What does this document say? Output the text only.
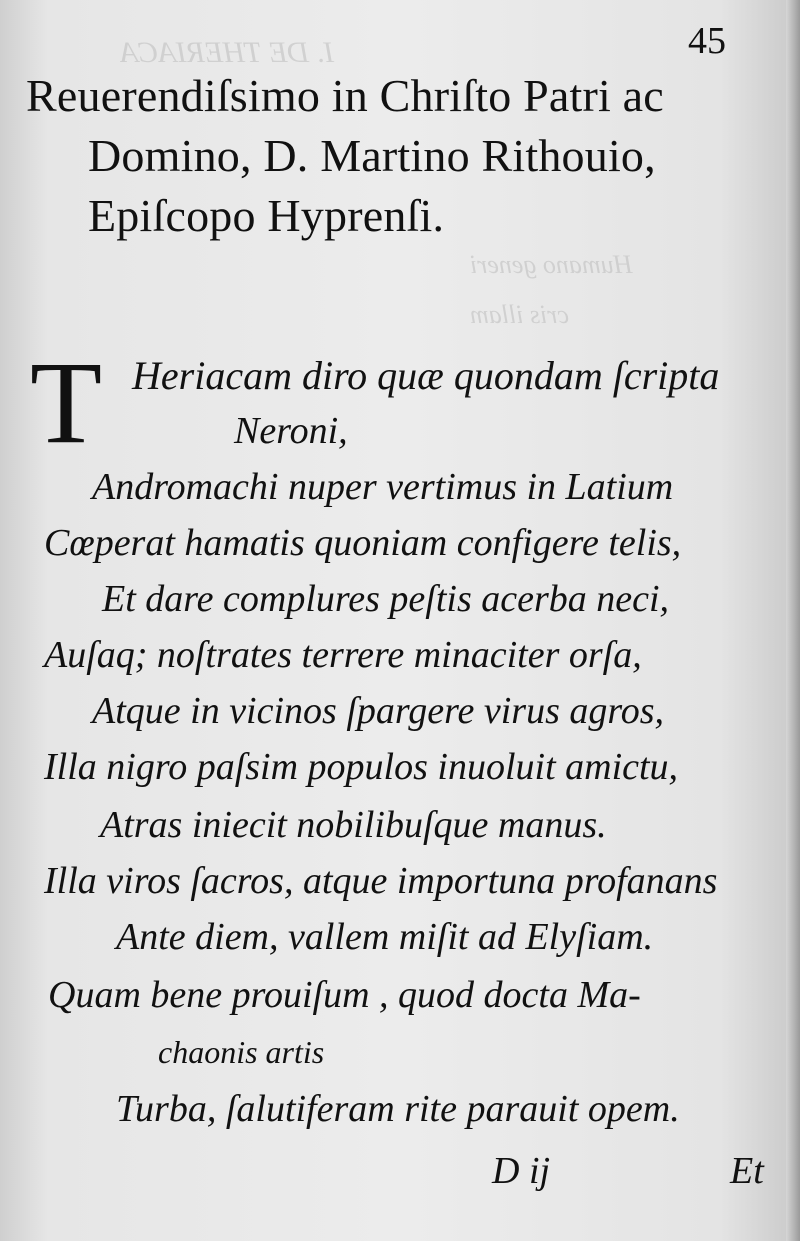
I. DE THERIACA
Humano generi
cris illam
45
Reuerendiſsimo in Chriſto Patri ac
Domino, D. Martino Rithouio,
Epiſcopo Hyprenſi.
T Heriacam diro quæ quondam ſcripta
Neroni,
Andromachi nuper vertimus in Latium
Cœperat hamatis quoniam configere telis,
Et dare complures peſtis acerba neci,
Auſaq; noſtrates terrere minaciter orſa,
Atque in vicinos ſpargere virus agros,
Illa nigro paſsim populos inuoluit amictu,
Atras iniecit nobilibuſque manus.
Illa viros ſacros, atque importuna profanans
Ante diem, vallem miſit ad Elyſiam.
Quam bene prouiſum , quod docta Ma-
chaonis artis
Turba, ſalutiferam rite parauit opem.
D ij	Et
